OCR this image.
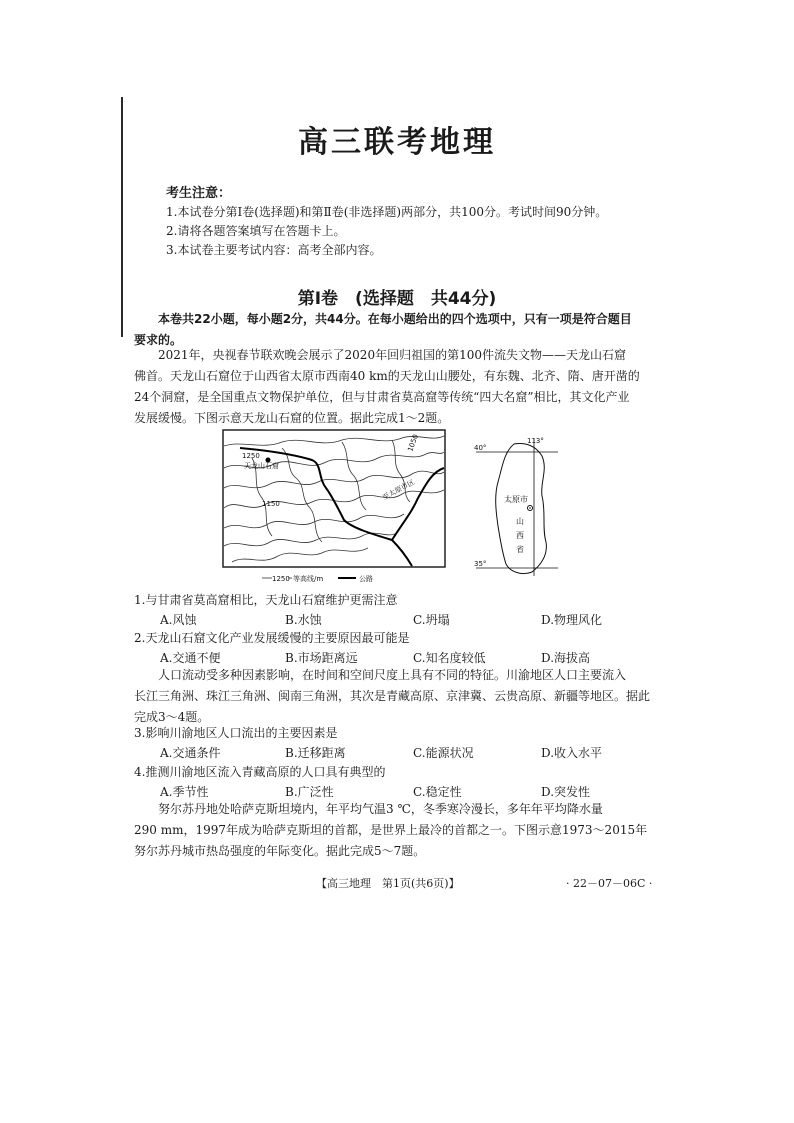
高三联考地理
考生注意：
1.本试卷分第Ⅰ卷(选择题)和第Ⅱ卷(非选择题)两部分，共100分。考试时间90分钟。
2.请将各题答案填写在答题卡上。
3.本试卷主要考试内容：高考全部内容。
第Ⅰ卷　(选择题　共44分)
本卷共22小题，每小题2分，共44分。在每小题给出的四个选项中，只有一项是符合题目
要求的。
2021年，央视春节联欢晚会展示了2020年回归祖国的第100件流失文物——天龙山石窟
佛首。天龙山石窟位于山西省太原市西南40 km的天龙山山腰处，有东魏、北齐、隋、唐开凿的
24个洞窟，是全国重点文物保护单位，但与甘肃省莫高窟等传统“四大名窟”相比，其文化产业
发展缓慢。下图示意天龙山石窟的位置。据此完成1～2题。
1250
天龙山石窟
1150
1050
至太原市区
1250 等高线/m	公路
113°
40°
35°
太原市
山
西
省
1.与甘肃省莫高窟相比，天龙山石窟维护更需注意
A.风蚀	B.水蚀	C.坍塌	D.物理风化
2.天龙山石窟文化产业发展缓慢的主要原因最可能是
A.交通不便	B.市场距离远	C.知名度较低	D.海拔高
人口流动受多种因素影响，在时间和空间尺度上具有不同的特征。川渝地区人口主要流入
长江三角洲、珠江三角洲、闽南三角洲，其次是青藏高原、京津冀、云贵高原、新疆等地区。据此
完成3～4题。
3.影响川渝地区人口流出的主要因素是
A.交通条件	B.迁移距离	C.能源状况	D.收入水平
4.推测川渝地区流入青藏高原的人口具有典型的
A.季节性	B.广泛性	C.稳定性	D.突发性
努尔苏丹地处哈萨克斯坦境内，年平均气温3 ℃，冬季寒冷漫长，多年年平均降水量
290 mm，1997年成为哈萨克斯坦的首都，是世界上最冷的首都之一。下图示意1973～2015年
努尔苏丹城市热岛强度的年际变化。据此完成5～7题。
【高三地理　第1页(共6页)】	· 22－07－06C ·
